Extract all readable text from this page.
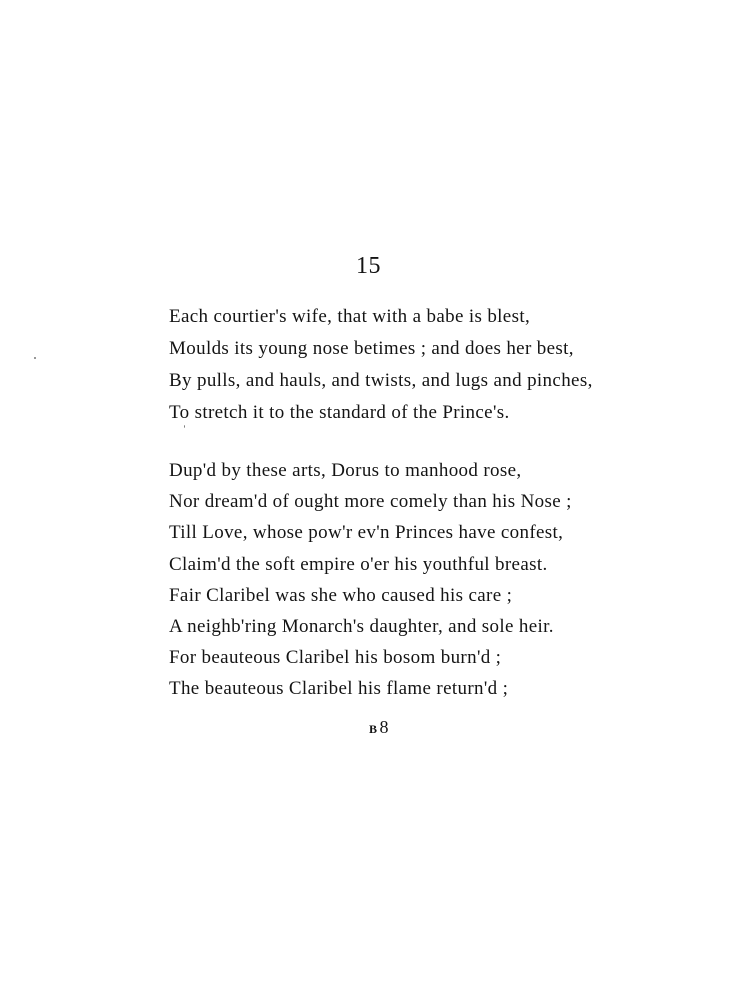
15
Each courtier's wife, that with a babe is blest,
Moulds its young nose betimes ; and does her best,
By pulls, and hauls, and twists, and lugs and pinches,
To stretch it to the standard of the Prince's.
Dup'd by these arts, Dorus to manhood rose,
Nor dream'd of ought more comely than his Nose ;
Till Love, whose pow'r ev'n Princes have confest,
Claim'd the soft empire o'er his youthful breast.
Fair Claribel was she who caused his care ;
A neighb'ring Monarch's daughter, and sole heir.
For beauteous Claribel his bosom burn'd ;
The beauteous Claribel his flame return'd ;
B 8
